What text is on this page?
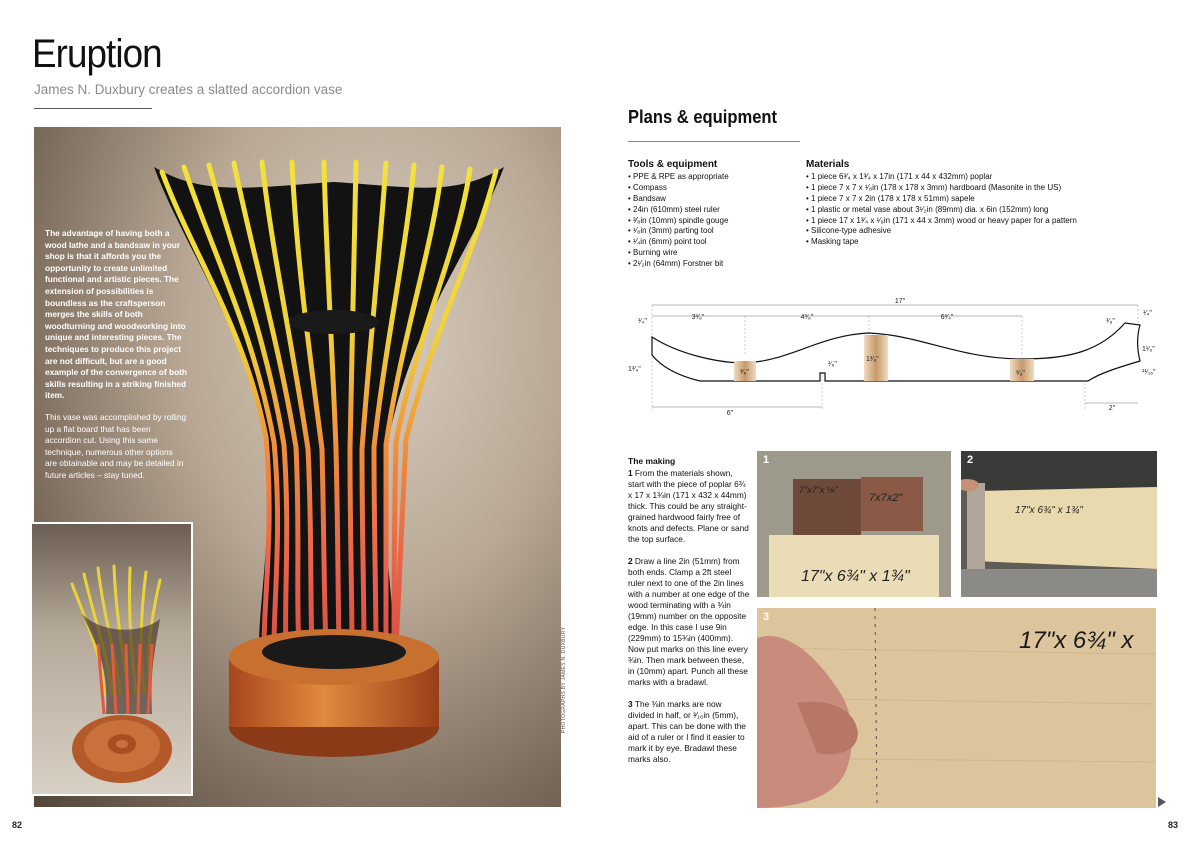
Eruption
James N. Duxbury creates a slatted accordion vase

The advantage of having both a wood lathe and a bandsaw in your shop is that it affords you the opportunity to create unlimited functional and artistic pieces. The extension of possibilities is boundless as the craftsperson merges the skills of both woodturning and woodworking into unique and interesting pieces. The techniques to produce this project are not difficult, but are a good example of the convergence of both skills resulting in a striking finished item.

This vase was accomplished by rolling up a flat board that has been accordion cut. Using this same technique, numerous other options are obtainable and may be detailed in future articles – stay tuned.

PHOTOGRAPHS BY JAMES N. DUXBURY
82
Plans & equipment
Tools & equipment
• PPE & RPE as appropriate
• Compass
• Bandsaw
• 24in (610mm) steel ruler
• ³⁄₈in (10mm) spindle gouge
• ¹⁄₈in (3mm) parting tool
• ¹⁄₄in (6mm) point tool
• Burning wire
• 2¹⁄₂in (64mm) Forstner bit
Materials
• 1 piece 6³⁄₄ x 1³⁄₄ x 17in (171 x 44 x 432mm) poplar
• 1 piece 7 x 7 x ¹⁄₈in (178 x 178 x 3mm) hardboard (Masonite in the US)
• 1 piece 7 x 7 x 2in (178 x 178 x 51mm) sapele
• 1 plastic or metal vase about 3¹⁄₂in (89mm) dia. x 6in (152mm) long
• 1 piece 17 x 1³⁄₄ x ¹⁄₈in (171 x 44 x 3mm) wood or heavy paper for a pattern
• Silicone-type adhesive
• Masking tape
17"
3³⁄₈"	4³⁄₈"	6³⁄₄"
³⁄₈"
¹⁄₄"
¹⁄₄"
1³⁄₄"	³⁄₈"
1³⁄₈"
³⁄₈"
¹⁄₈"
1¹⁄₈"
¹¹⁄₁₆"
6"
2"
The making

1 From the materials shown, start with the piece of poplar 6¾ x 17 x 1¾in (171 x 432 x 44mm) thick. This could be any straight-grained hardwood fairly free of knots and defects. Plane or sand the top surface.

2 Draw a line 2in (51mm) from both ends. Clamp a 2ft steel ruler next to one of the 2in lines with a number at one edge of the wood terminating with a ¾in (19mm) number on the opposite edge. In this case I use 9in (229mm) to 15¾in (400mm). Now put marks on this line every ¾in. Then mark between these, in (10mm) apart. Punch all these marks with a bradawl.

3 The ⅜in marks are now divided in half, or ³⁄₁₆in (5mm), apart. This can be done with the aid of a ruler or I find it easier to mark it by eye. Bradawl these marks also.

7"x7"x ⅛"
7x7x2"
17"x 6¾" x 1¾"
1
17"x 6¾" x 1¾"
2
17"x 6¾" x
3
83
